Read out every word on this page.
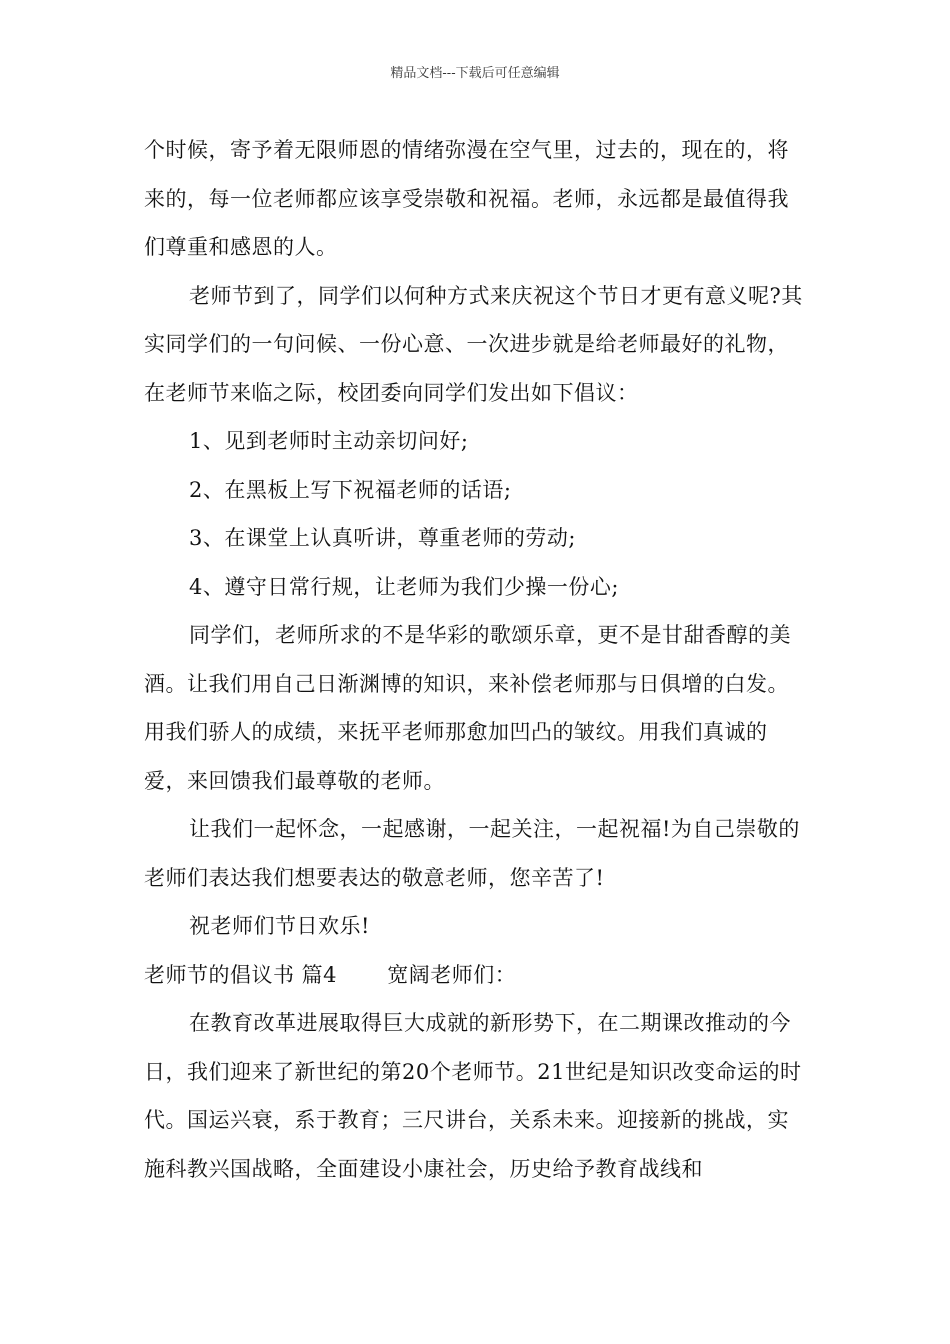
精品文档---下载后可任意编辑

个时候，寄予着无限师恩的情绪弥漫在空气里，过去的，现在的，将来的，每一位老师都应该享受崇敬和祝福。老师，永远都是最值得我们尊重和感恩的人。

老师节到了，同学们以何种方式来庆祝这个节日才更有意义呢?其实同学们的一句问候、一份心意、一次进步就是给老师最好的礼物，在老师节来临之际，校团委向同学们发出如下倡议：

1、见到老师时主动亲切问好;

2、在黑板上写下祝福老师的话语;

3、在课堂上认真听讲，尊重老师的劳动;

4、遵守日常行规，让老师为我们少操一份心;

同学们，老师所求的不是华彩的歌颂乐章，更不是甘甜香醇的美酒。让我们用自己日渐渊博的知识，来补偿老师那与日俱增的白发。用我们骄人的成绩，来抚平老师那愈加凹凸的皱纹。用我们真诚的爱，来回馈我们最尊敬的老师。

让我们一起怀念，一起感谢，一起关注，一起祝福!为自己崇敬的老师们表达我们想要表达的敬意老师，您辛苦了!

祝老师们节日欢乐!

老师节的倡议书 篇4       宽阔老师们：

在教育改革进展取得巨大成就的新形势下，在二期课改推动的今日，我们迎来了新世纪的第20个老师节。21世纪是知识改变命运的时代。国运兴衰，系于教育；三尺讲台，关系未来。迎接新的挑战，实施科教兴国战略，全面建设小康社会，历史给予教育战线和
